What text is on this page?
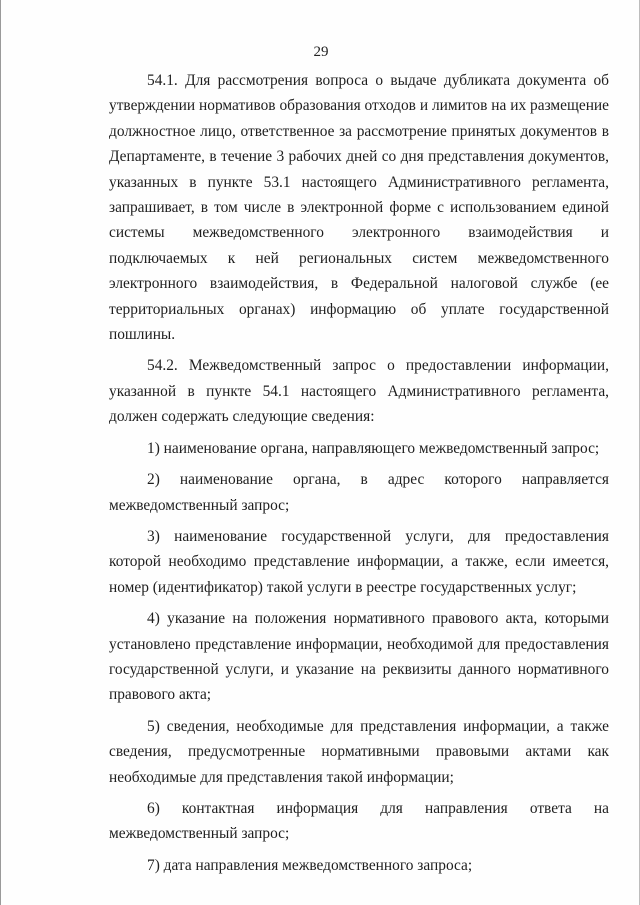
29

54.1. Для рассмотрения вопроса о выдаче дубликата документа об утверждении нормативов образования отходов и лимитов на их размещение должностное лицо, ответственное за рассмотрение принятых документов в Департаменте, в течение 3 рабочих дней со дня представления документов, указанных в пункте 53.1 настоящего Административного регламента, запрашивает, в том числе в электронной форме с использованием единой системы межведомственного электронного взаимодействия и подключаемых к ней региональных систем межведомственного электронного взаимодействия, в Федеральной налоговой службе (ее территориальных органах) информацию об уплате государственной пошлины.

54.2. Межведомственный запрос о предоставлении информации, указанной в пункте 54.1 настоящего Административного регламента, должен содержать следующие сведения:

1) наименование органа, направляющего межведомственный запрос;

2) наименование органа, в адрес которого направляется межведомственный запрос;

3) наименование государственной услуги, для предоставления которой необходимо представление информации, а также, если имеется, номер (идентификатор) такой услуги в реестре государственных услуг;

4) указание на положения нормативного правового акта, которыми установлено представление информации, необходимой для предоставления государственной услуги, и указание на реквизиты данного нормативного правового акта;

5) сведения, необходимые для представления информации, а также сведения, предусмотренные нормативными правовыми актами как необходимые для представления такой информации;

6) контактная информация для направления ответа на межведомственный запрос;

7) дата направления межведомственного запроса;
